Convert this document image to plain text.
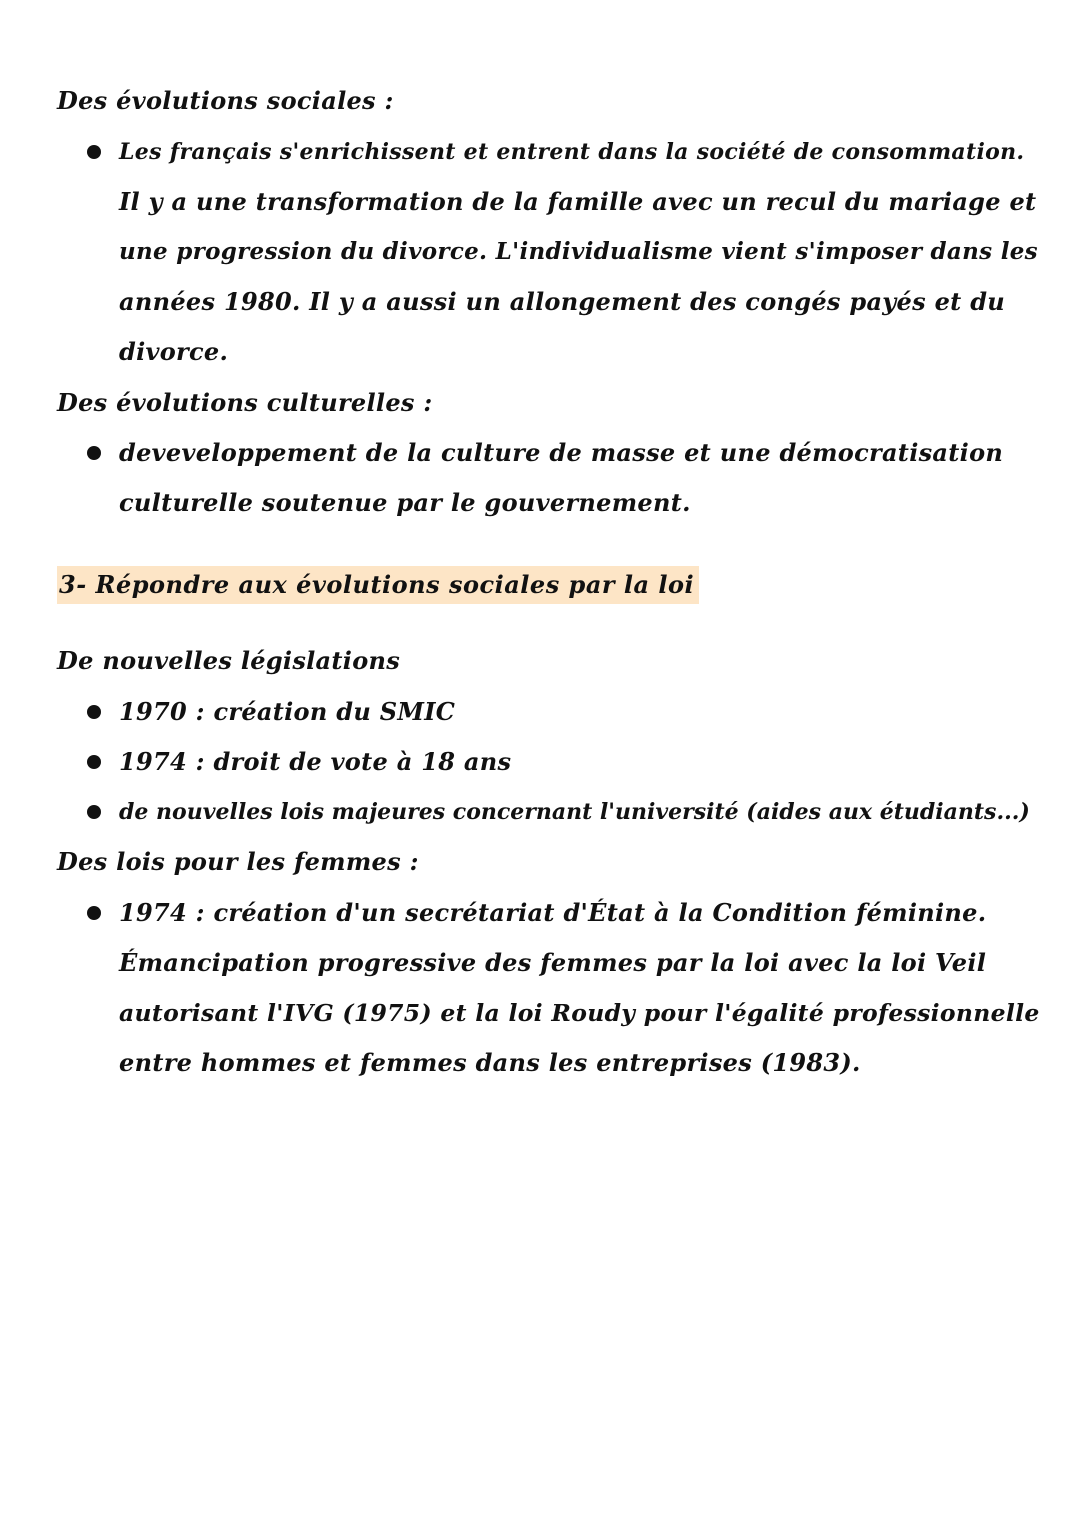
Des évolutions sociales :
Les français s'enrichissent et entrent dans la société de consommation.
Il y a une transformation de la famille avec un recul du mariage et
une progression du divorce. L'individualisme vient s'imposer dans les
années 1980. Il y a aussi un allongement des congés payés et du
divorce.
Des évolutions culturelles :
deveveloppement de la culture de masse et une démocratisation
culturelle soutenue par le gouvernement.
3- Répondre aux évolutions sociales par la loi
De nouvelles législations
1970 : création du SMIC
1974 : droit de vote à 18 ans
de nouvelles lois majeures concernant l'université (aides aux étudiants...)
Des lois pour les femmes :
1974 : création d'un secrétariat d'État à la Condition féminine.
Émancipation progressive des femmes par la loi avec la loi Veil
autorisant l'IVG (1975) et la loi Roudy pour l'égalité professionnelle
entre hommes et femmes dans les entreprises (1983).
